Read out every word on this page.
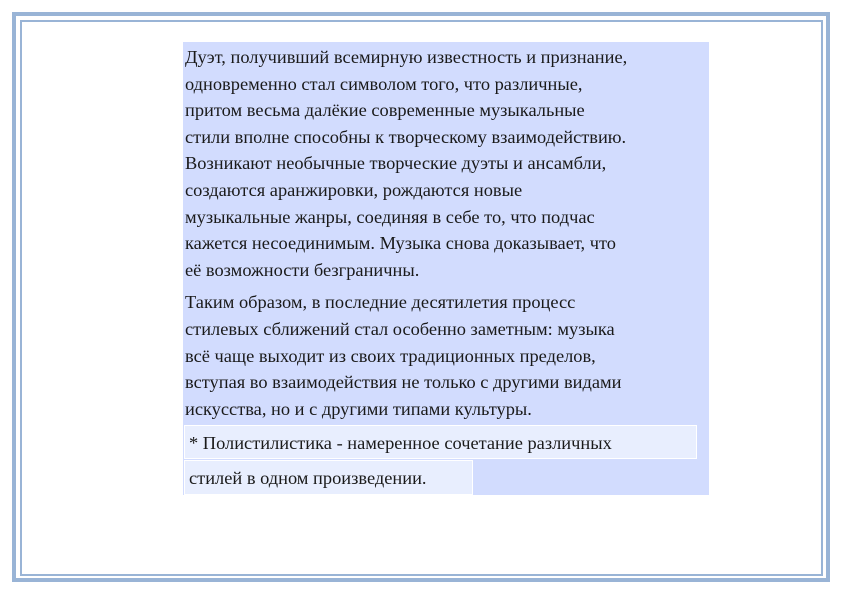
Дуэт, получивший всемирную известность и признание,
одновременно стал символом того, что различные,
притом весьма далёкие современные музыкальные
стили вполне способны к творческому взаимодействию.
Возникают необычные творческие дуэты и ансамбли,
создаются аранжировки, рождаются новые
музыкальные жанры, соединяя в себе то, что подчас
кажется несоединимым. Музыка снова доказывает, что
её возможности безграничны.

Таким образом, в последние десятилетия процесс
стилевых сближений стал особенно заметным: музыка
всё чаще выходит из своих традиционных пределов,
вступая во взаимодействия не только с другими видами
искусства, но и с другими типами культуры.

* Полистилистика - намеренное сочетание различных
стилей в одном произведении.
